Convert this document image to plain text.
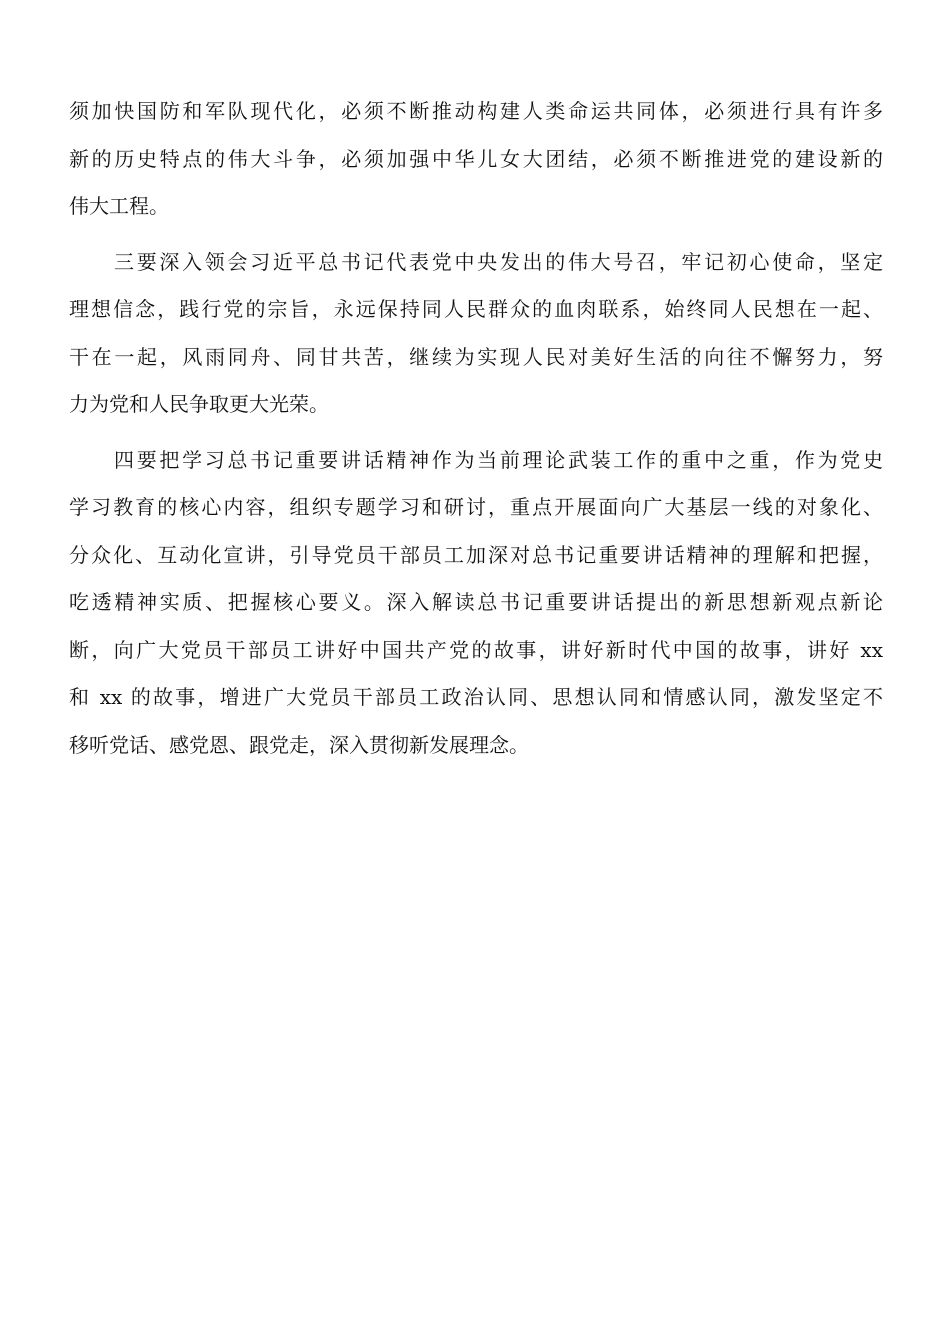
须加快国防和军队现代化，必须不断推动构建人类命运共同体，必须进行具有许多
新的历史特点的伟大斗争，必须加强中华儿女大团结，必须不断推进党的建设新的
伟大工程。
三要深入领会习近平总书记代表党中央发出的伟大号召，牢记初心使命，坚定
理想信念，践行党的宗旨，永远保持同人民群众的血肉联系，始终同人民想在一起、
干在一起，风雨同舟、同甘共苦，继续为实现人民对美好生活的向往不懈努力，努
力为党和人民争取更大光荣。
四要把学习总书记重要讲话精神作为当前理论武装工作的重中之重，作为党史
学习教育的核心内容，组织专题学习和研讨，重点开展面向广大基层一线的对象化、
分众化、互动化宣讲，引导党员干部员工加深对总书记重要讲话精神的理解和把握，
吃透精神实质、把握核心要义。深入解读总书记重要讲话提出的新思想新观点新论
断，向广大党员干部员工讲好中国共产党的故事，讲好新时代中国的故事，讲好 xx
和 xx 的故事，增进广大党员干部员工政治认同、思想认同和情感认同，激发坚定不
移听党话、感党恩、跟党走，深入贯彻新发展理念。
